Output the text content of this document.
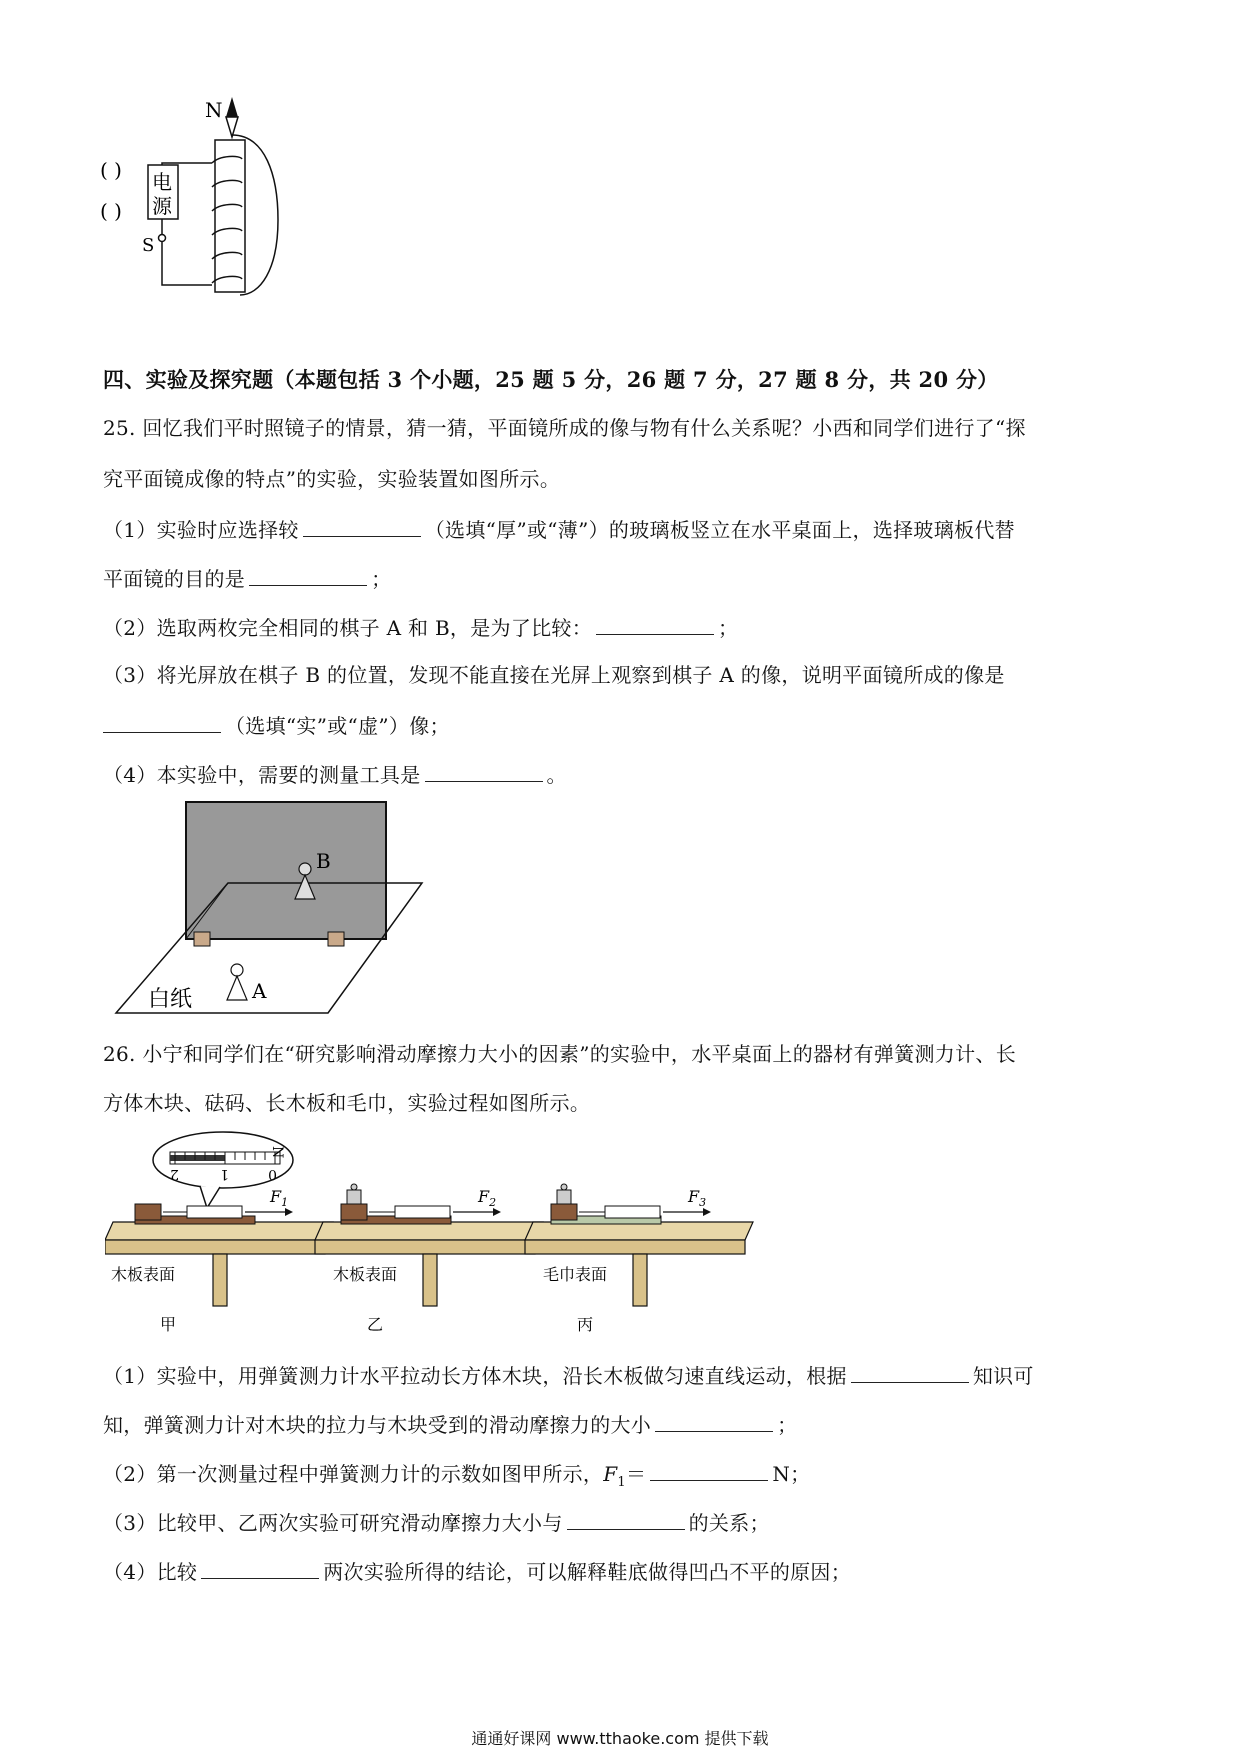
N
电
源
S
( )
( )
四、实验及探究题（本题包括 3 个小题，25 题 5 分，26 题 7 分，27 题 8 分，共 20 分）
25. 回忆我们平时照镜子的情景，猜一猜，平面镜所成的像与物有什么关系呢？小西和同学们进行了“探
究平面镜成像的特点”的实验，实验装置如图所示。
（1）实验时应选择较	（选填“厚”或“薄”）的玻璃板竖立在水平桌面上，选择玻璃板代替
平面镜的目的是	；
（2）选取两枚完全相同的棋子 A 和 B，是为了比较：	；
（3）将光屏放在棋子 B 的位置，发现不能直接在光屏上观察到棋子 A 的像，说明平面镜所成的像是
（选填“实”或“虚”）像；
（4）本实验中，需要的测量工具是	。
B
A
白纸
26. 小宁和同学们在“研究影响滑动摩擦力大小的因素”的实验中，水平桌面上的器材有弹簧测力计、长
方体木块、砝码、长木板和毛巾，实验过程如图所示。
2	1	0
N
$F_1$
木板表面
甲
$F_2$
木板表面
乙
$F_3$
毛巾表面
丙
（1）实验中，用弹簧测力计水平拉动长方体木块，沿长木板做匀速直线运动，根据	知识可
知，弹簧测力计对木块的拉力与木块受到的滑动摩擦力的大小	；
（2）第一次测量过程中弹簧测力计的示数如图甲所示，$F_1=$	N；
（3）比较甲、乙两次实验可研究滑动摩擦力大小与	的关系；
（4）比较	两次实验所得的结论，可以解释鞋底做得凹凸不平的原因；
通通好课网 www.tthaoke.com 提供下载
